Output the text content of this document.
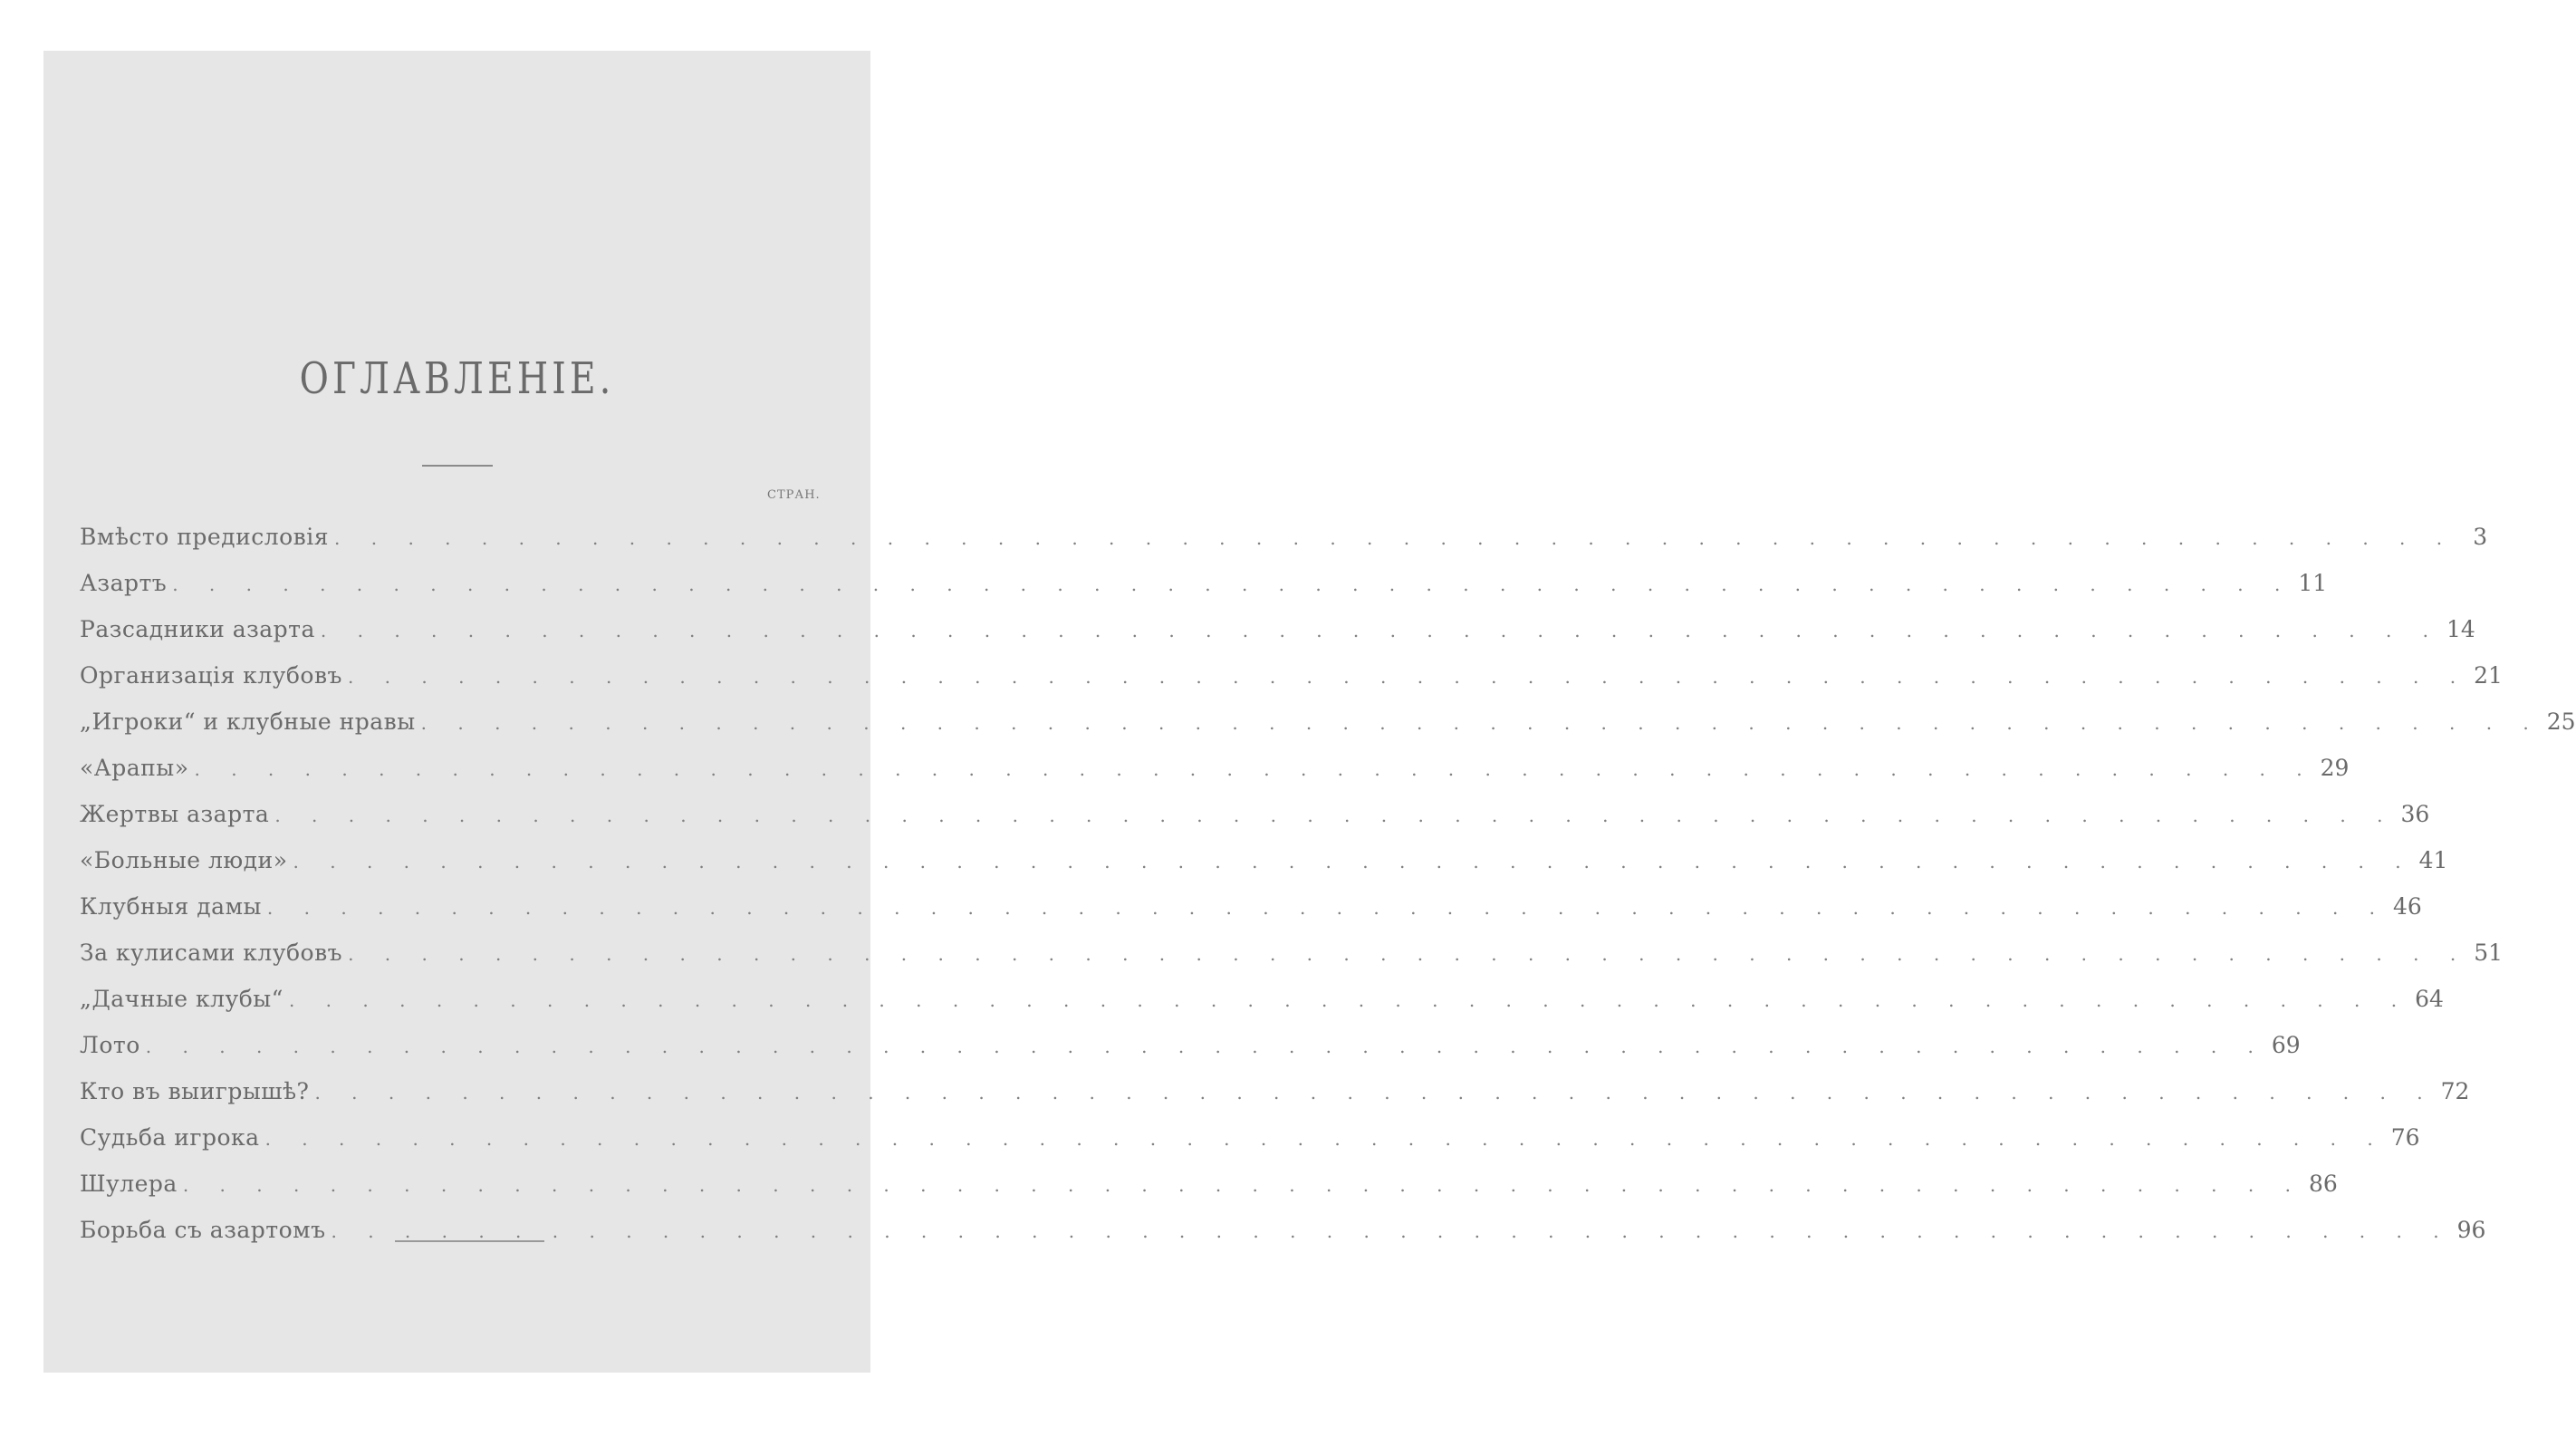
ОГЛАВЛЕНІЕ.
СТРАН.
Вмѣсто предисловія . . . . . . . . . . . . . . . . . . . . . . . . . . . . . . . . . . . . . . . . . . . . . . . . . . . . . . . . . . 3
Азартъ . . . . . . . . . . . . . . . . . . . . . . . . . . . . . . . . . . . . . . . . . . . . . . . . . . . . . . . . . . 11
Разсадники азарта . . . . . . . . . . . . . . . . . . . . . . . . . . . . . . . . . . . . . . . . . . . . . . . . . . . . . . . . . . 14
Организація клубовъ . . . . . . . . . . . . . . . . . . . . . . . . . . . . . . . . . . . . . . . . . . . . . . . . . . . . . . . . . . 21
„Игроки“ и клубные нравы . . . . . . . . . . . . . . . . . . . . . . . . . . . . . . . . . . . . . . . . . . . . . . . . . . . . . . . . . . 25
«Арапы» . . . . . . . . . . . . . . . . . . . . . . . . . . . . . . . . . . . . . . . . . . . . . . . . . . . . . . . . . . 29
Жертвы азарта . . . . . . . . . . . . . . . . . . . . . . . . . . . . . . . . . . . . . . . . . . . . . . . . . . . . . . . . . . 36
«Больные люди» . . . . . . . . . . . . . . . . . . . . . . . . . . . . . . . . . . . . . . . . . . . . . . . . . . . . . . . . . . 41
Клубныя дамы . . . . . . . . . . . . . . . . . . . . . . . . . . . . . . . . . . . . . . . . . . . . . . . . . . . . . . . . . . 46
За кулисами клубовъ . . . . . . . . . . . . . . . . . . . . . . . . . . . . . . . . . . . . . . . . . . . . . . . . . . . . . . . . . . 51
„Дачные клубы“ . . . . . . . . . . . . . . . . . . . . . . . . . . . . . . . . . . . . . . . . . . . . . . . . . . . . . . . . . . 64
Лото . . . . . . . . . . . . . . . . . . . . . . . . . . . . . . . . . . . . . . . . . . . . . . . . . . . . . . . . . . 69
Кто въ выигрышѣ? . . . . . . . . . . . . . . . . . . . . . . . . . . . . . . . . . . . . . . . . . . . . . . . . . . . . . . . . . . 72
Судьба игрока . . . . . . . . . . . . . . . . . . . . . . . . . . . . . . . . . . . . . . . . . . . . . . . . . . . . . . . . . . 76
Шулера . . . . . . . . . . . . . . . . . . . . . . . . . . . . . . . . . . . . . . . . . . . . . . . . . . . . . . . . . . 86
Борьба съ азартомъ . . . . . . . . . . . . . . . . . . . . . . . . . . . . . . . . . . . . . . . . . . . . . . . . . . . . . . . . . . 96
